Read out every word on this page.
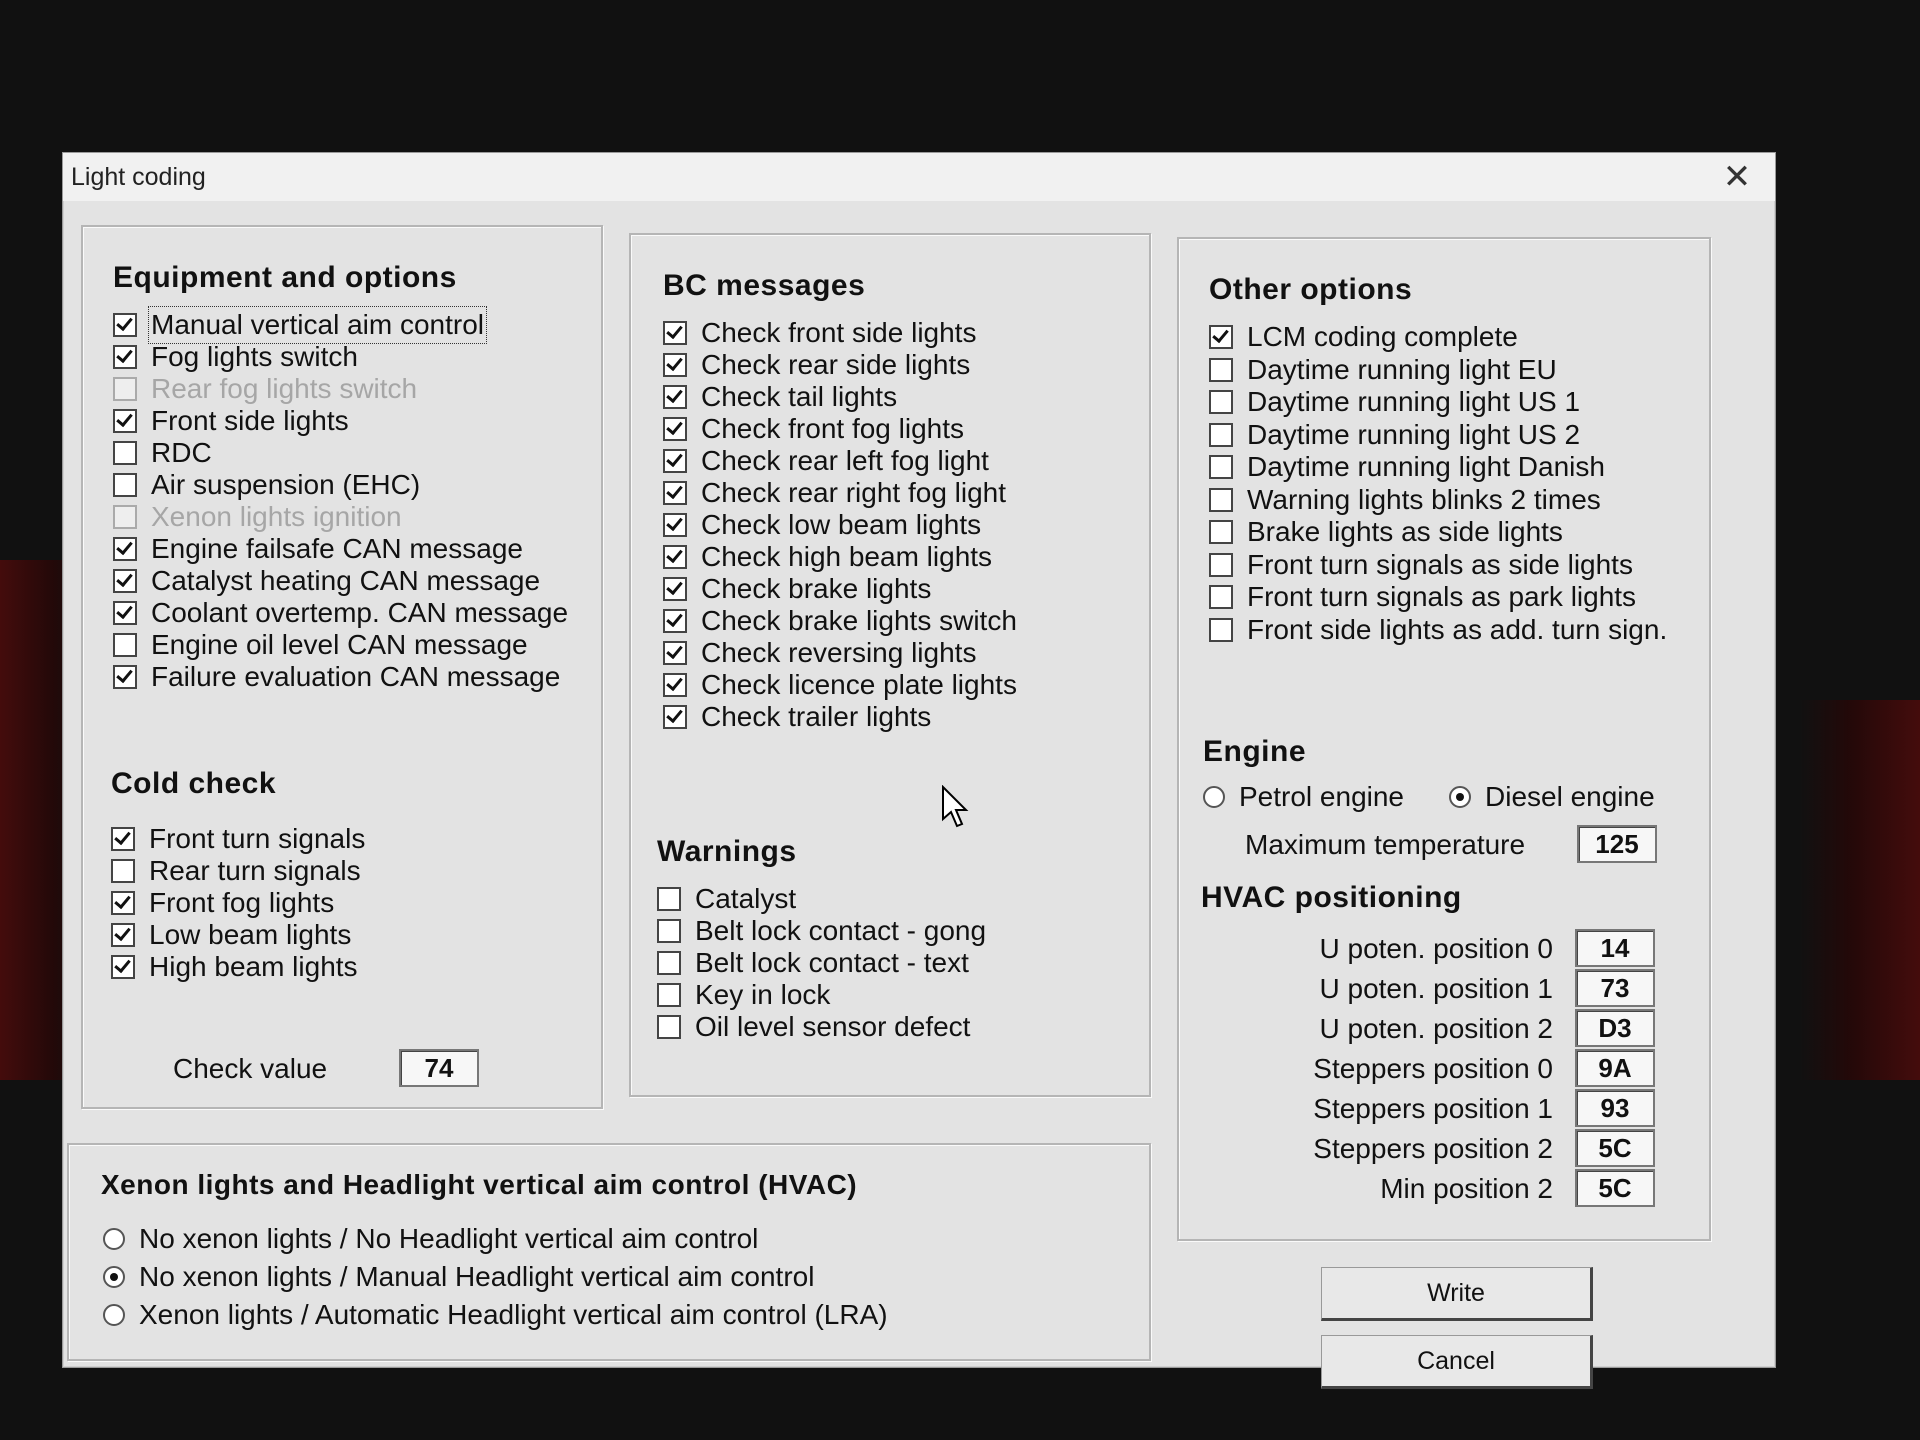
Light coding	✕
Equipment and options
Manual vertical aim control
Fog lights switch
Rear fog lights switch
Front side lights
RDC
Air suspension (EHC)
Xenon lights ignition
Engine failsafe CAN message
Catalyst heating CAN message
Coolant overtemp. CAN message
Engine oil level CAN message
Failure evaluation CAN message
Cold check
Front turn signals
Rear turn signals
Front fog lights
Low beam lights
High beam lights
Check value	74
BC messages
Check front side lights
Check rear side lights
Check tail lights
Check front fog lights
Check rear left fog light
Check rear right fog light
Check low beam lights
Check high beam lights
Check brake lights
Check brake lights switch
Check reversing lights
Check licence plate lights
Check trailer lights
Warnings
Catalyst
Belt lock contact - gong
Belt lock contact - text
Key in lock
Oil level sensor defect
Other options
LCM coding complete
Daytime running light EU
Daytime running light US 1
Daytime running light US 2
Daytime running light Danish
Warning lights blinks 2 times
Brake lights as side lights
Front turn signals as side lights
Front turn signals as park lights
Front side lights as add. turn sign.
Engine
Petrol engine	Diesel engine
Maximum temperature	125
HVAC positioning
U poten. position 0	14
U poten. position 1	73
U poten. position 2	D3
Steppers position 0	9A
Steppers position 1	93
Steppers position 2	5C
Min position 2	5C
Xenon lights and Headlight vertical aim control (HVAC)
No xenon lights / No Headlight vertical aim control
No xenon lights / Manual Headlight vertical aim control
Xenon lights / Automatic Headlight vertical aim control (LRA)
Write
Cancel
